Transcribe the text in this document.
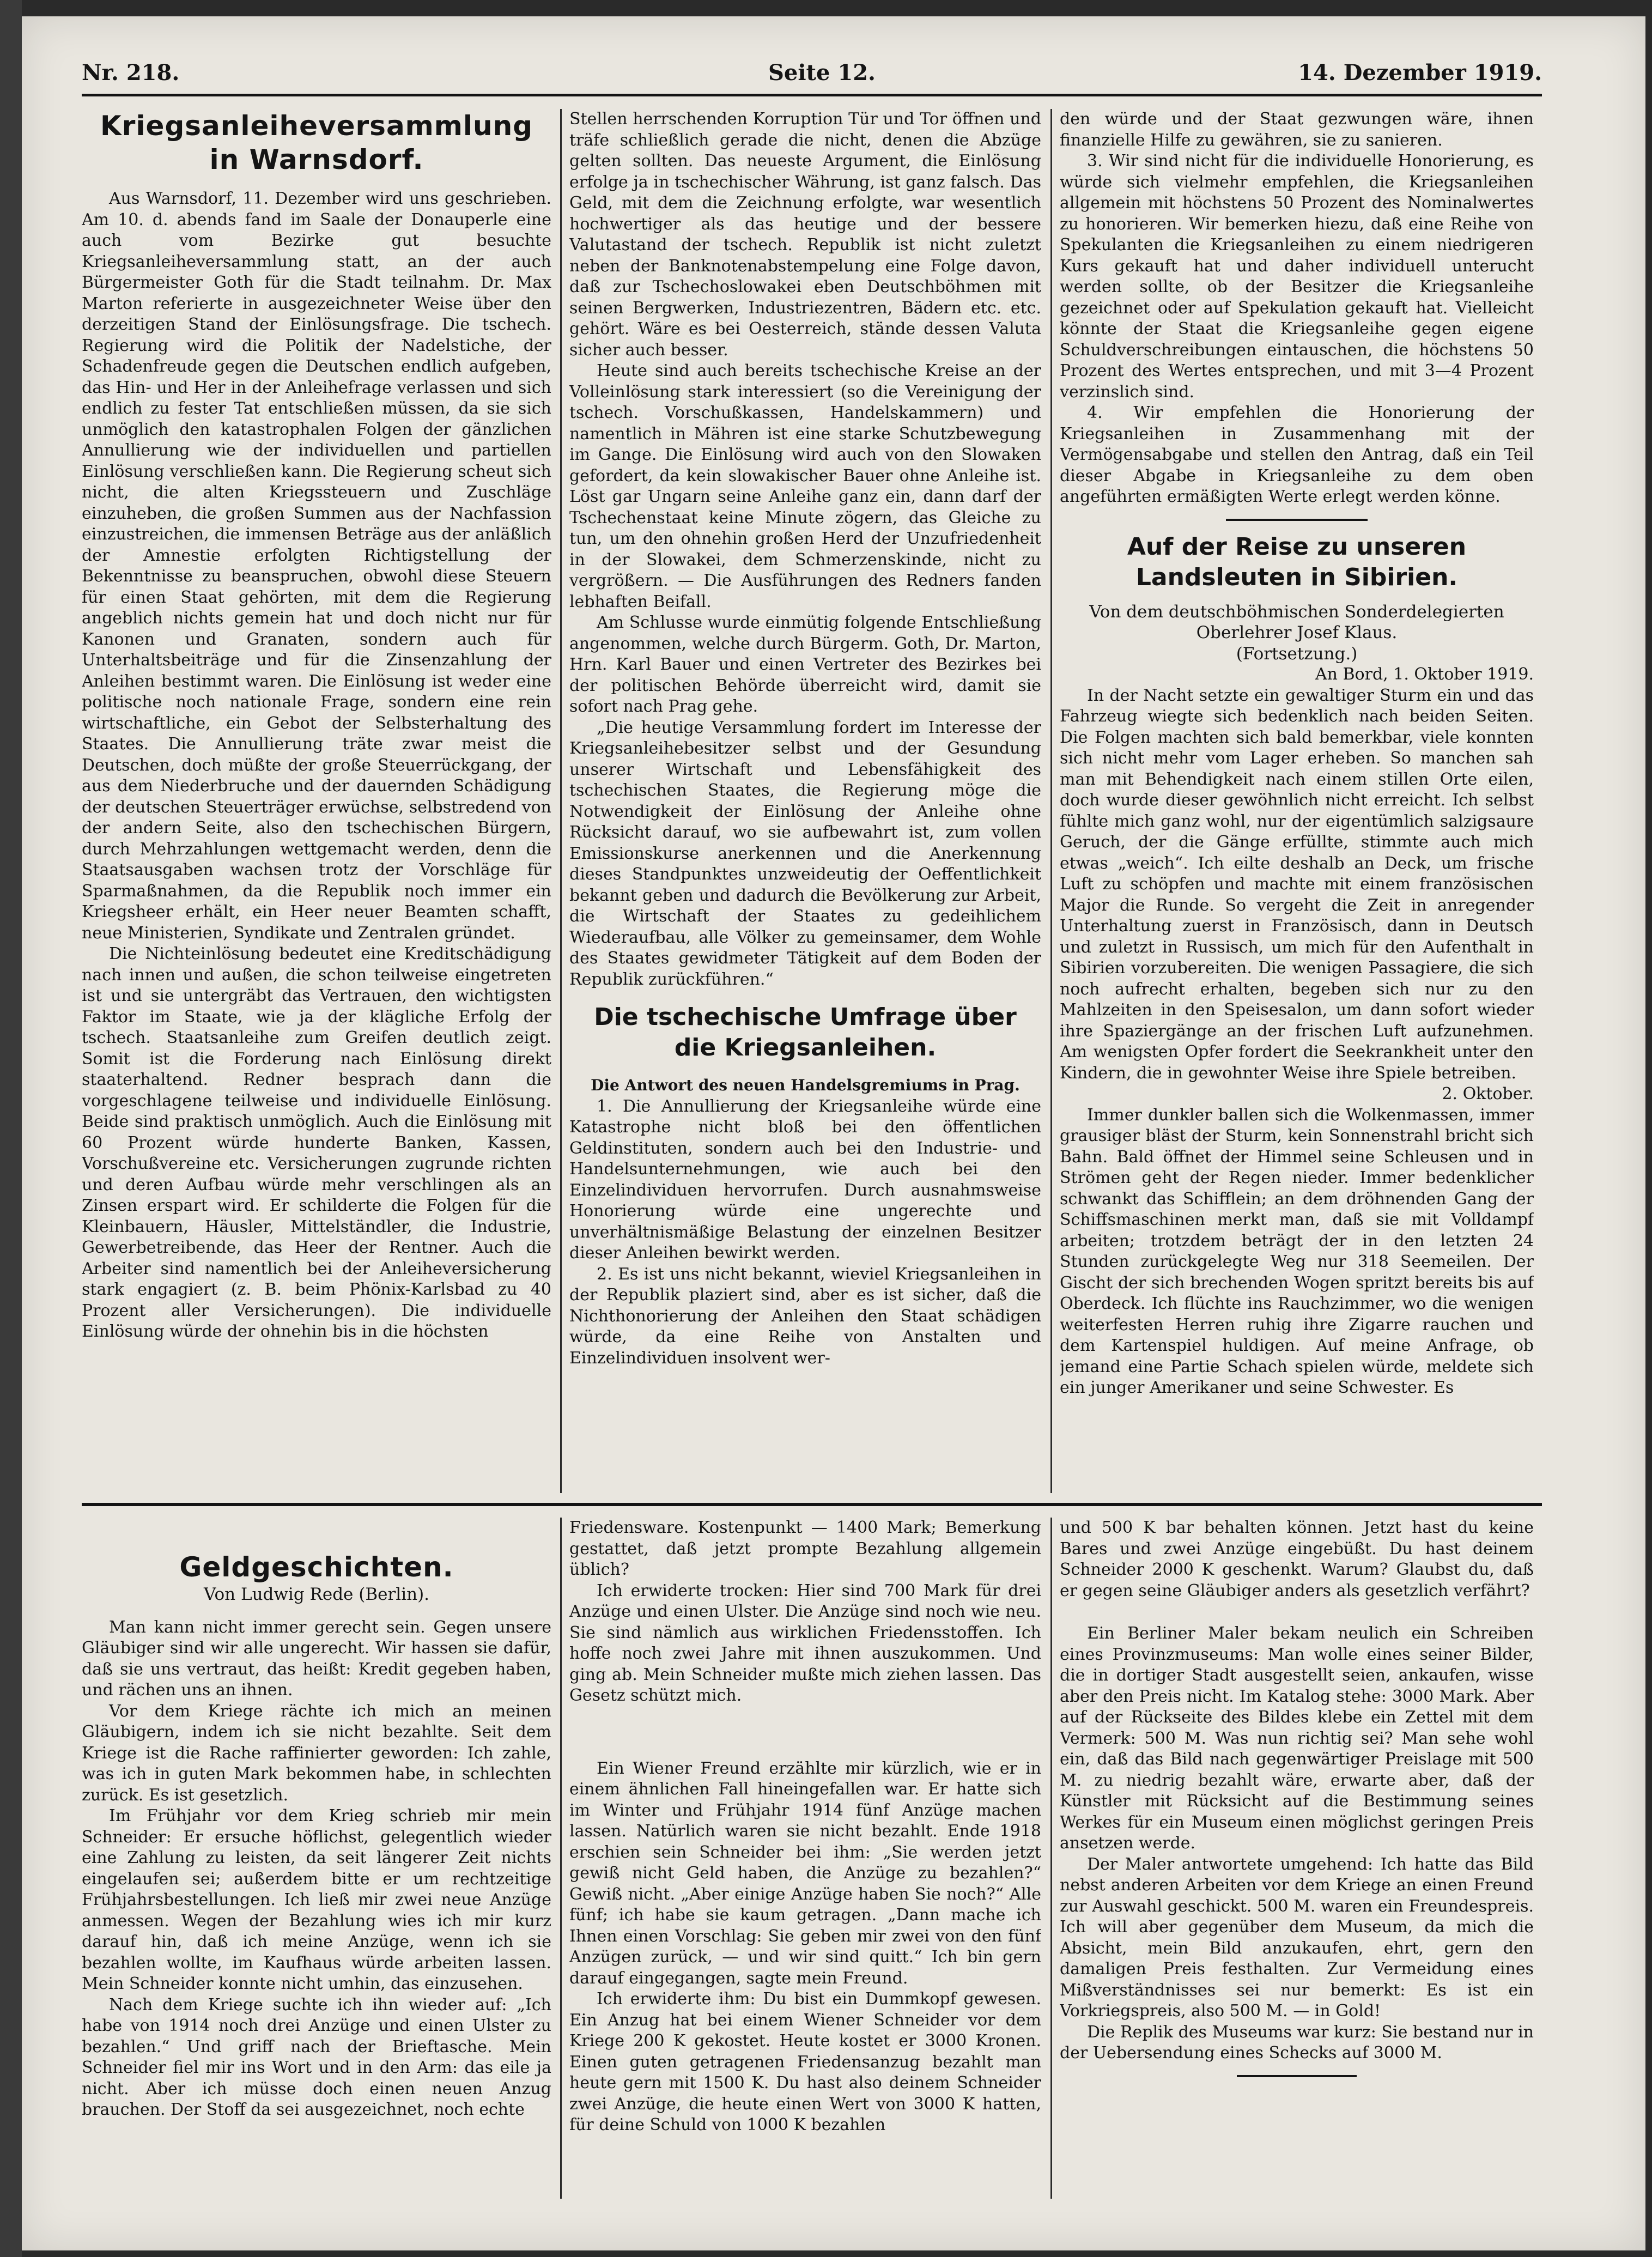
Nr. 218.	Seite 12.	14. Dezember 1919.
Kriegsanleiheversammlung in Warnsdorf.

Aus Warnsdorf, 11. Dezember wird uns geschrieben. Am 10. d. abends fand im Saale der Donauperle eine auch vom Bezirke gut besuchte Kriegsanleiheversammlung statt, an der auch Bürgermeister Goth für die Stadt teilnahm. Dr. Max Marton referierte in ausgezeichneter Weise über den derzeitigen Stand der Einlösungsfrage. Die tschech. Regierung wird die Politik der Nadelstiche, der Schadenfreude gegen die Deutschen endlich aufgeben, das Hin- und Her in der Anleihefrage verlassen und sich endlich zu fester Tat entschließen müssen, da sie sich unmöglich den katastrophalen Folgen der gänzlichen Annullierung wie der individuellen und partiellen Einlösung verschließen kann. Die Regierung scheut sich nicht, die alten Kriegssteuern und Zuschläge einzuheben, die großen Summen aus der Nachfassion einzustreichen, die immensen Beträge aus der anläßlich der Amnestie erfolgten Richtigstellung der Bekenntnisse zu beanspruchen, obwohl diese Steuern für einen Staat gehörten, mit dem die Regierung angeblich nichts gemein hat und doch nicht nur für Kanonen und Granaten, sondern auch für Unterhaltsbeiträge und für die Zinsenzahlung der Anleihen bestimmt waren. Die Einlösung ist weder eine politische noch nationale Frage, sondern eine rein wirtschaftliche, ein Gebot der Selbsterhaltung des Staates. Die Annullierung träte zwar meist die Deutschen, doch müßte der große Steuerrückgang, der aus dem Niederbruche und der dauernden Schädigung der deutschen Steuerträger erwüchse, selbstredend von der andern Seite, also den tschechischen Bürgern, durch Mehrzahlungen wettgemacht werden, denn die Staatsausgaben wachsen trotz der Vorschläge für Sparmaßnahmen, da die Republik noch immer ein Kriegsheer erhält, ein Heer neuer Beamten schafft, neue Ministerien, Syndikate und Zentralen gründet.

Die Nichteinlösung bedeutet eine Kreditschädigung nach innen und außen, die schon teilweise eingetreten ist und sie untergräbt das Vertrauen, den wichtigsten Faktor im Staate, wie ja der klägliche Erfolg der tschech. Staatsanleihe zum Greifen deutlich zeigt. Somit ist die Forderung nach Einlösung direkt staaterhaltend. Redner besprach dann die vorgeschlagene teilweise und individuelle Einlösung. Beide sind praktisch unmöglich. Auch die Einlösung mit 60 Prozent würde hunderte Banken, Kassen, Vorschußvereine etc. Versicherungen zugrunde richten und deren Aufbau würde mehr verschlingen als an Zinsen erspart wird. Er schilderte die Folgen für die Kleinbauern, Häusler, Mittelständler, die Industrie, Gewerbetreibende, das Heer der Rentner. Auch die Arbeiter sind namentlich bei der Anleiheversicherung stark engagiert (z. B. beim Phönix-Karlsbad zu 40 Prozent aller Versicherungen). Die individuelle Einlösung würde der ohnehin bis in die höchsten

Stellen herrschenden Korruption Tür und Tor öffnen und träfe schließlich gerade die nicht, denen die Abzüge gelten sollten. Das neueste Argument, die Einlösung erfolge ja in tschechischer Währung, ist ganz falsch. Das Geld, mit dem die Zeichnung erfolgte, war wesentlich hochwertiger als das heutige und der bessere Valutastand der tschech. Republik ist nicht zuletzt neben der Banknotenabstempelung eine Folge davon, daß zur Tschechoslowakei eben Deutschböhmen mit seinen Bergwerken, Industriezentren, Bädern etc. etc. gehört. Wäre es bei Oesterreich, stände dessen Valuta sicher auch besser.

Heute sind auch bereits tschechische Kreise an der Volleinlösung stark interessiert (so die Vereinigung der tschech. Vorschußkassen, Handelskammern) und namentlich in Mähren ist eine starke Schutzbewegung im Gange. Die Einlösung wird auch von den Slowaken gefordert, da kein slowakischer Bauer ohne Anleihe ist. Löst gar Ungarn seine Anleihe ganz ein, dann darf der Tschechenstaat keine Minute zögern, das Gleiche zu tun, um den ohnehin großen Herd der Unzufriedenheit in der Slowakei, dem Schmerzenskinde, nicht zu vergrößern. — Die Ausführungen des Redners fanden lebhaften Beifall.

Am Schlusse wurde einmütig folgende Entschließung angenommen, welche durch Bürgerm. Goth, Dr. Marton, Hrn. Karl Bauer und einen Vertreter des Bezirkes bei der politischen Behörde überreicht wird, damit sie sofort nach Prag gehe.

„Die heutige Versammlung fordert im Interesse der Kriegsanleihebesitzer selbst und der Gesundung unserer Wirtschaft und Lebensfähigkeit des tschechischen Staates, die Regierung möge die Notwendigkeit der Einlösung der Anleihe ohne Rücksicht darauf, wo sie aufbewahrt ist, zum vollen Emissionskurse anerkennen und die Anerkennung dieses Standpunktes unzweideutig der Oeffentlichkeit bekannt geben und dadurch die Bevölkerung zur Arbeit, die Wirtschaft der Staates zu gedeihlichem Wiederaufbau, alle Völker zu gemeinsamer, dem Wohle des Staates gewidmeter Tätigkeit auf dem Boden der Republik zurückführen.“

Die tschechische Umfrage über die Kriegsanleihen.

Die Antwort des neuen Handelsgremiums in Prag.

1. Die Annullierung der Kriegsanleihe würde eine Katastrophe nicht bloß bei den öffentlichen Geldinstituten, sondern auch bei den Industrie- und Handelsunternehmungen, wie auch bei den Einzelindividuen hervorrufen. Durch ausnahmsweise Honorierung würde eine ungerechte und unverhältnismäßige Belastung der einzelnen Besitzer dieser Anleihen bewirkt werden.

2. Es ist uns nicht bekannt, wieviel Kriegsanleihen in der Republik plaziert sind, aber es ist sicher, daß die Nichthonorierung der Anleihen den Staat schädigen würde, da eine Reihe von Anstalten und Einzelindividuen insolvent wer-

den würde und der Staat gezwungen wäre, ihnen finanzielle Hilfe zu gewähren, sie zu sanieren.

3. Wir sind nicht für die individuelle Honorierung, es würde sich vielmehr empfehlen, die Kriegsanleihen allgemein mit höchstens 50 Prozent des Nominalwertes zu honorieren. Wir bemerken hiezu, daß eine Reihe von Spekulanten die Kriegsanleihen zu einem niedrigeren Kurs gekauft hat und daher individuell unterucht werden sollte, ob der Besitzer die Kriegsanleihe gezeichnet oder auf Spekulation gekauft hat. Vielleicht könnte der Staat die Kriegsanleihe gegen eigene Schuldverschreibungen eintauschen, die höchstens 50 Prozent des Wertes entsprechen, und mit 3—4 Prozent verzinslich sind.

4. Wir empfehlen die Honorierung der Kriegsanleihen in Zusammenhang mit der Vermögensabgabe und stellen den Antrag, daß ein Teil dieser Abgabe in Kriegsanleihe zu dem oben angeführten ermäßigten Werte erlegt werden könne.

Auf der Reise zu unseren Landsleuten in Sibirien.

Von dem deutschböhmischen Sonderdelegierten Oberlehrer Josef Klaus.

(Fortsetzung.)

An Bord, 1. Oktober 1919.

In der Nacht setzte ein gewaltiger Sturm ein und das Fahrzeug wiegte sich bedenklich nach beiden Seiten. Die Folgen machten sich bald bemerkbar, viele konnten sich nicht mehr vom Lager erheben. So manchen sah man mit Behendigkeit nach einem stillen Orte eilen, doch wurde dieser gewöhnlich nicht erreicht. Ich selbst fühlte mich ganz wohl, nur der eigentümlich salzigsaure Geruch, der die Gänge erfüllte, stimmte auch mich etwas „weich“. Ich eilte deshalb an Deck, um frische Luft zu schöpfen und machte mit einem französischen Major die Runde. So vergeht die Zeit in anregender Unterhaltung zuerst in Französisch, dann in Deutsch und zuletzt in Russisch, um mich für den Aufenthalt in Sibirien vorzubereiten. Die wenigen Passagiere, die sich noch aufrecht erhalten, begeben sich nur zu den Mahlzeiten in den Speisesalon, um dann sofort wieder ihre Spaziergänge an der frischen Luft aufzunehmen. Am wenigsten Opfer fordert die Seekrankheit unter den Kindern, die in gewohnter Weise ihre Spiele betreiben.

2. Oktober.

Immer dunkler ballen sich die Wolkenmassen, immer grausiger bläst der Sturm, kein Sonnenstrahl bricht sich Bahn. Bald öffnet der Himmel seine Schleusen und in Strömen geht der Regen nieder. Immer bedenklicher schwankt das Schifflein; an dem dröhnenden Gang der Schiffsmaschinen merkt man, daß sie mit Volldampf arbeiten; trotzdem beträgt der in den letzten 24 Stunden zurückgelegte Weg nur 318 Seemeilen. Der Gischt der sich brechenden Wogen spritzt bereits bis auf Oberdeck. Ich flüchte ins Rauchzimmer, wo die wenigen weiterfesten Herren ruhig ihre Zigarre rauchen und dem Kartenspiel huldigen. Auf meine Anfrage, ob jemand eine Partie Schach spielen würde, meldete sich ein junger Amerikaner und seine Schwester. Es

Geldgeschichten.

Von Ludwig Rede (Berlin).

Man kann nicht immer gerecht sein. Gegen unsere Gläubiger sind wir alle ungerecht. Wir hassen sie dafür, daß sie uns vertraut, das heißt: Kredit gegeben haben, und rächen uns an ihnen.

Vor dem Kriege rächte ich mich an meinen Gläubigern, indem ich sie nicht bezahlte. Seit dem Kriege ist die Rache raffinierter geworden: Ich zahle, was ich in guten Mark bekommen habe, in schlechten zurück. Es ist gesetzlich.

Im Frühjahr vor dem Krieg schrieb mir mein Schneider: Er ersuche höflichst, gelegentlich wieder eine Zahlung zu leisten, da seit längerer Zeit nichts eingelaufen sei; außerdem bitte er um rechtzeitige Frühjahrsbestellungen. Ich ließ mir zwei neue Anzüge anmessen. Wegen der Bezahlung wies ich mir kurz darauf hin, daß ich meine Anzüge, wenn ich sie bezahlen wollte, im Kaufhaus würde arbeiten lassen. Mein Schneider konnte nicht umhin, das einzusehen.

Nach dem Kriege suchte ich ihn wieder auf: „Ich habe von 1914 noch drei Anzüge und einen Ulster zu bezahlen.“ Und griff nach der Brieftasche. Mein Schneider fiel mir ins Wort und in den Arm: das eile ja nicht. Aber ich müsse doch einen neuen Anzug brauchen. Der Stoff da sei ausgezeichnet, noch echte

Friedensware. Kostenpunkt — 1400 Mark; Bemerkung gestattet, daß jetzt prompte Bezahlung allgemein üblich?

Ich erwiderte trocken: Hier sind 700 Mark für drei Anzüge und einen Ulster. Die Anzüge sind noch wie neu. Sie sind nämlich aus wirklichen Friedensstoffen. Ich hoffe noch zwei Jahre mit ihnen auszukommen. Und ging ab. Mein Schneider mußte mich ziehen lassen. Das Gesetz schützt mich.

Ein Wiener Freund erzählte mir kürzlich, wie er in einem ähnlichen Fall hineingefallen war. Er hatte sich im Winter und Frühjahr 1914 fünf Anzüge machen lassen. Natürlich waren sie nicht bezahlt. Ende 1918 erschien sein Schneider bei ihm: „Sie werden jetzt gewiß nicht Geld haben, die Anzüge zu bezahlen?“ Gewiß nicht. „Aber einige Anzüge haben Sie noch?“ Alle fünf; ich habe sie kaum getragen. „Dann mache ich Ihnen einen Vorschlag: Sie geben mir zwei von den fünf Anzügen zurück, — und wir sind quitt.“ Ich bin gern darauf eingegangen, sagte mein Freund.

Ich erwiderte ihm: Du bist ein Dummkopf gewesen. Ein Anzug hat bei einem Wiener Schneider vor dem Kriege 200 K gekostet. Heute kostet er 3000 Kronen. Einen guten getragenen Friedensanzug bezahlt man heute gern mit 1500 K. Du hast also deinem Schneider zwei Anzüge, die heute einen Wert von 3000 K hatten, für deine Schuld von 1000 K bezahlen

und 500 K bar behalten können. Jetzt hast du keine Bares und zwei Anzüge eingebüßt. Du hast deinem Schneider 2000 K geschenkt. Warum? Glaubst du, daß er gegen seine Gläubiger anders als gesetzlich verfährt?

Ein Berliner Maler bekam neulich ein Schreiben eines Provinzmuseums: Man wolle eines seiner Bilder, die in dortiger Stadt ausgestellt seien, ankaufen, wisse aber den Preis nicht. Im Katalog stehe: 3000 Mark. Aber auf der Rückseite des Bildes klebe ein Zettel mit dem Vermerk: 500 M. Was nun richtig sei? Man sehe wohl ein, daß das Bild nach gegenwärtiger Preislage mit 500 M. zu niedrig bezahlt wäre, erwarte aber, daß der Künstler mit Rücksicht auf die Bestimmung seines Werkes für ein Museum einen möglichst geringen Preis ansetzen werde.

Der Maler antwortete umgehend: Ich hatte das Bild nebst anderen Arbeiten vor dem Kriege an einen Freund zur Auswahl geschickt. 500 M. waren ein Freundespreis. Ich will aber gegenüber dem Museum, da mich die Absicht, mein Bild anzukaufen, ehrt, gern den damaligen Preis festhalten. Zur Vermeidung eines Mißverständnisses sei nur bemerkt: Es ist ein Vorkriegspreis, also 500 M. — in Gold!

Die Replik des Museums war kurz: Sie bestand nur in der Uebersendung eines Schecks auf 3000 M.
